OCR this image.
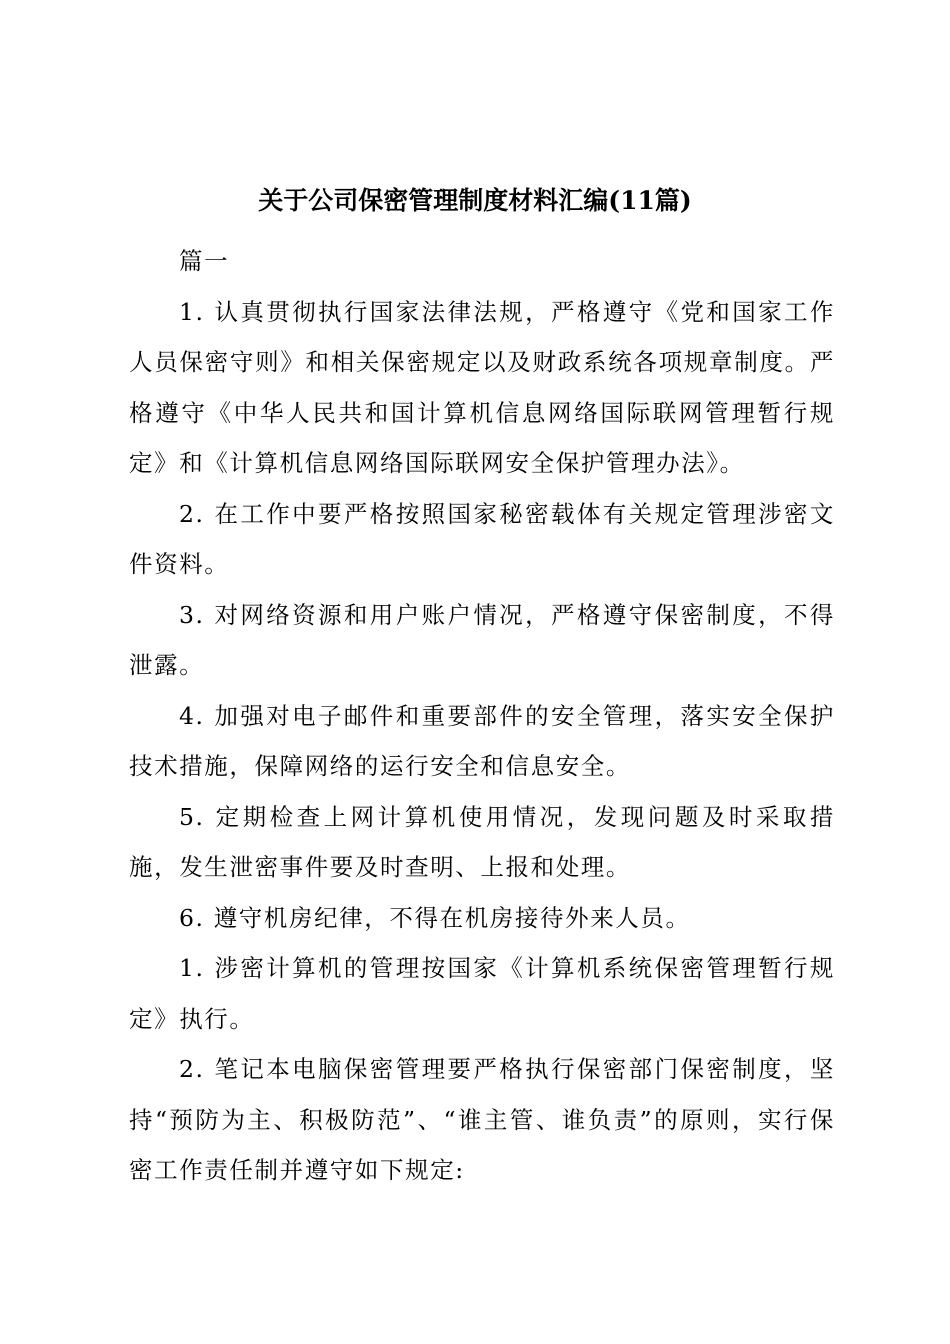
关于公司保密管理制度材料汇编(11篇)

篇一

1. 认真贯彻执行国家法律法规，严格遵守《党和国家工作人员保密守则》和相关保密规定以及财政系统各项规章制度。严格遵守《中华人民共和国计算机信息网络国际联网管理暂行规定》和《计算机信息网络国际联网安全保护管理办法》。

2. 在工作中要严格按照国家秘密载体有关规定管理涉密文件资料。

3. 对网络资源和用户账户情况，严格遵守保密制度，不得泄露。

4. 加强对电子邮件和重要部件的安全管理，落实安全保护技术措施，保障网络的运行安全和信息安全。

5. 定期检查上网计算机使用情况，发现问题及时采取措施，发生泄密事件要及时查明、上报和处理。

6. 遵守机房纪律，不得在机房接待外来人员。

1. 涉密计算机的管理按国家《计算机系统保密管理暂行规定》执行。

2. 笔记本电脑保密管理要严格执行保密部门保密制度，坚持“预防为主、积极防范”、“谁主管、谁负责”的原则，实行保密工作责任制并遵守如下规定:
